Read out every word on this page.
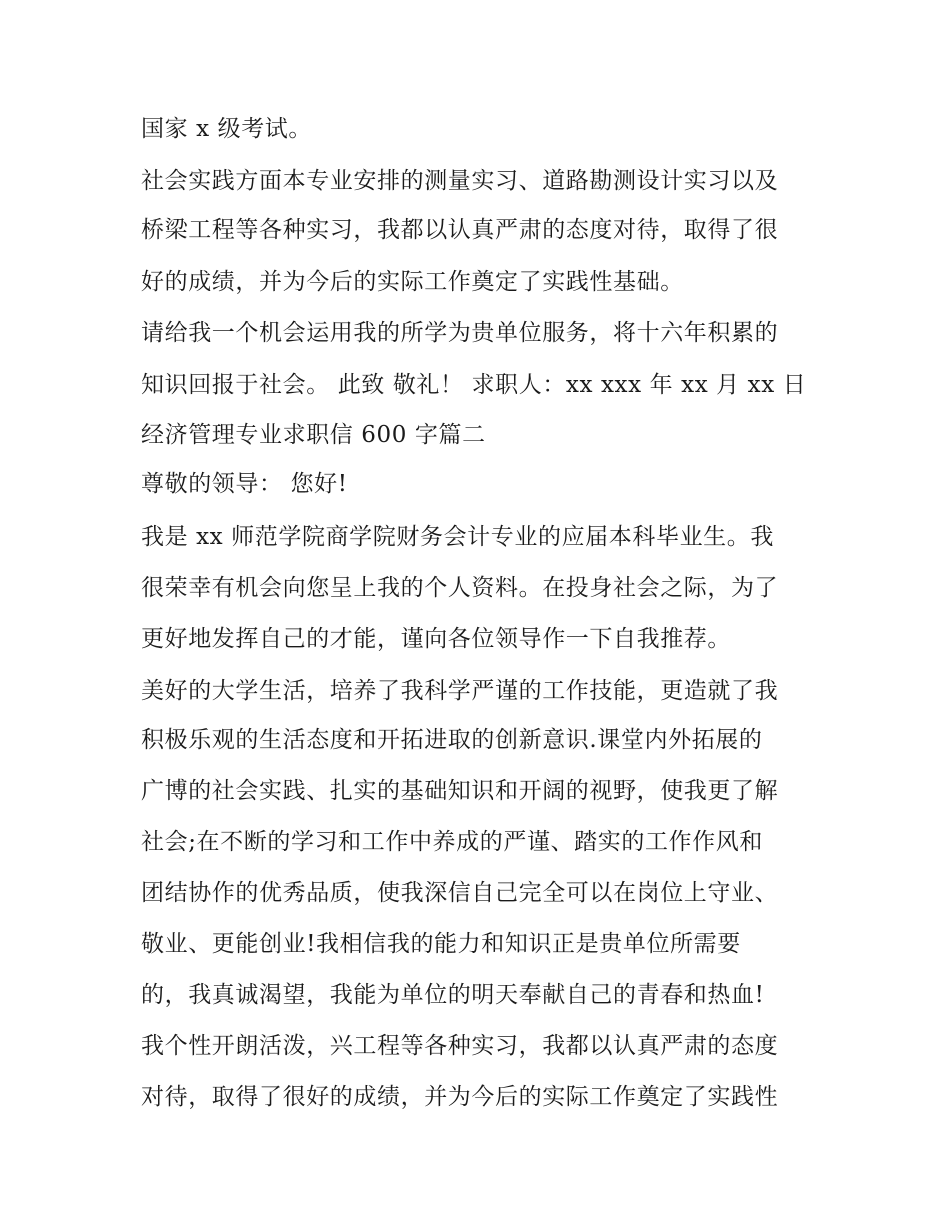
国家 x 级考试。
社会实践方面本专业安排的测量实习、道路勘测设计实习以及
桥梁工程等各种实习，我都以认真严肃的态度对待，取得了很
好的成绩，并为今后的实际工作奠定了实践性基础。
请给我一个机会运用我的所学为贵单位服务，将十六年积累的
知识回报于社会。 此致 敬礼！ 求职人：xx xxx 年 xx 月 xx 日
经济管理专业求职信 600 字篇二
尊敬的领导： 您好!
我是 xx 师范学院商学院财务会计专业的应届本科毕业生。我
很荣幸有机会向您呈上我的个人资料。在投身社会之际，为了
更好地发挥自己的才能，谨向各位领导作一下自我推荐。
美好的大学生活，培养了我科学严谨的工作技能，更造就了我
积极乐观的生活态度和开拓进取的创新意识.课堂内外拓展的
广博的社会实践、扎实的基础知识和开阔的视野，使我更了解
社会;在不断的学习和工作中养成的严谨、踏实的工作作风和
团结协作的优秀品质，使我深信自己完全可以在岗位上守业、
敬业、更能创业!我相信我的能力和知识正是贵单位所需要
的，我真诚渴望，我能为单位的明天奉献自己的青春和热血!
我个性开朗活泼，兴工程等各种实习，我都以认真严肃的态度
对待，取得了很好的成绩，并为今后的实际工作奠定了实践性
